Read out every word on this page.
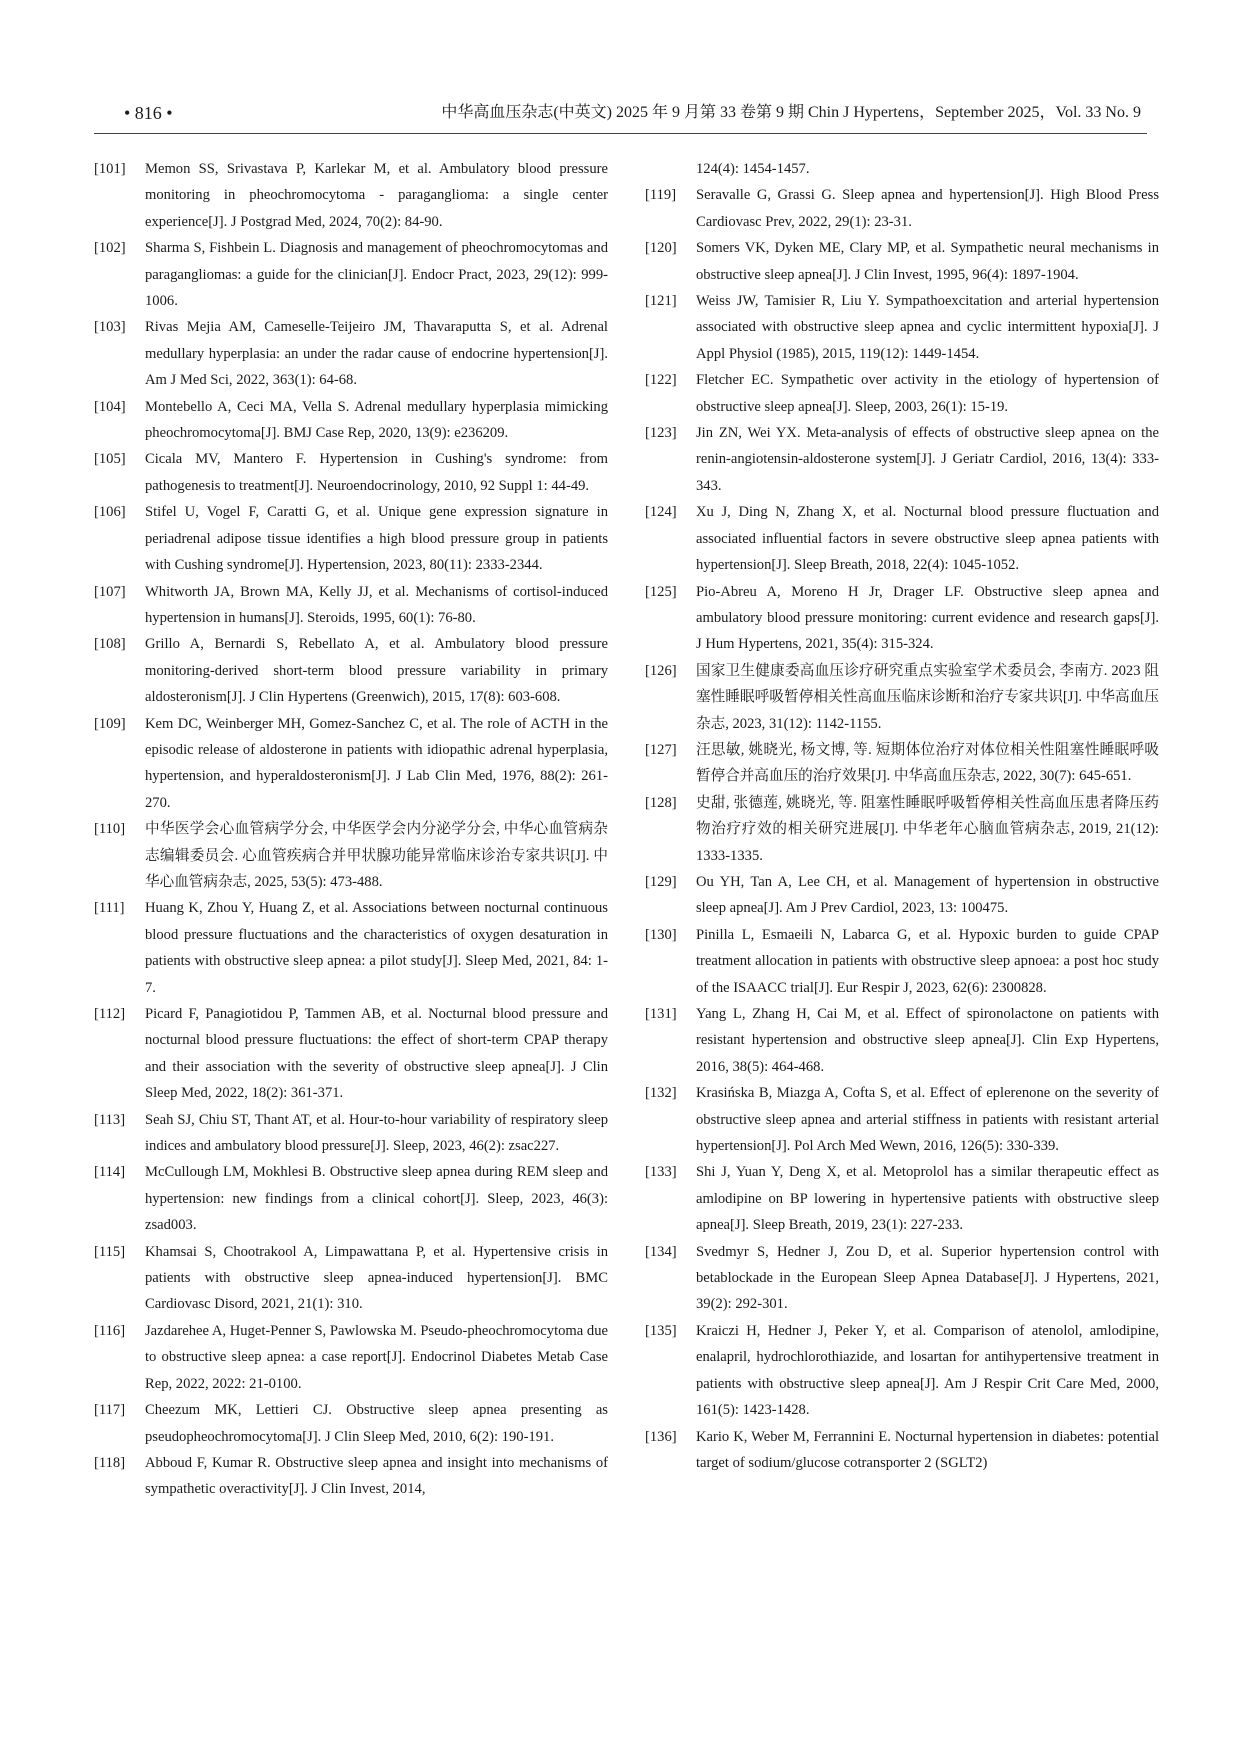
• 816 •	中华高血压杂志(中英文) 2025 年 9 月第 33 卷第 9 期 Chin J Hypertens，September 2025，Vol. 33 No. 9
[101] Memon SS, Srivastava P, Karlekar M, et al. Ambulatory blood pressure monitoring in pheochromocytoma - paraganglioma: a single center experience[J]. J Postgrad Med, 2024, 70(2): 84-90.
[102] Sharma S, Fishbein L. Diagnosis and management of pheochromocytomas and paragangliomas: a guide for the clinician[J]. Endocr Pract, 2023, 29(12): 999-1006.
[103] Rivas Mejia AM, Cameselle-Teijeiro JM, Thavaraputta S, et al. Adrenal medullary hyperplasia: an under the radar cause of endocrine hypertension[J]. Am J Med Sci, 2022, 363(1): 64-68.
[104] Montebello A, Ceci MA, Vella S. Adrenal medullary hyperplasia mimicking pheochromocytoma[J]. BMJ Case Rep, 2020, 13(9): e236209.
[105] Cicala MV, Mantero F. Hypertension in Cushing's syndrome: from pathogenesis to treatment[J]. Neuroendocrinology, 2010, 92 Suppl 1: 44-49.
[106] Stifel U, Vogel F, Caratti G, et al. Unique gene expression signature in periadrenal adipose tissue identifies a high blood pressure group in patients with Cushing syndrome[J]. Hypertension, 2023, 80(11): 2333-2344.
[107] Whitworth JA, Brown MA, Kelly JJ, et al. Mechanisms of cortisol-induced hypertension in humans[J]. Steroids, 1995, 60(1): 76-80.
[108] Grillo A, Bernardi S, Rebellato A, et al. Ambulatory blood pressure monitoring-derived short-term blood pressure variability in primary aldosteronism[J]. J Clin Hypertens (Greenwich), 2015, 17(8): 603-608.
[109] Kem DC, Weinberger MH, Gomez-Sanchez C, et al. The role of ACTH in the episodic release of aldosterone in patients with idiopathic adrenal hyperplasia, hypertension, and hyperaldosteronism[J]. J Lab Clin Med, 1976, 88(2): 261-270.
[110] 中华医学会心血管病学分会, 中华医学会内分泌学分会, 中华心血管病杂志编辑委员会. 心血管疾病合并甲状腺功能异常临床诊治专家共识[J]. 中华心血管病杂志, 2025, 53(5): 473-488.
[111] Huang K, Zhou Y, Huang Z, et al. Associations between nocturnal continuous blood pressure fluctuations and the characteristics of oxygen desaturation in patients with obstructive sleep apnea: a pilot study[J]. Sleep Med, 2021, 84: 1-7.
[112] Picard F, Panagiotidou P, Tammen AB, et al. Nocturnal blood pressure and nocturnal blood pressure fluctuations: the effect of short-term CPAP therapy and their association with the severity of obstructive sleep apnea[J]. J Clin Sleep Med, 2022, 18(2): 361-371.
[113] Seah SJ, Chiu ST, Thant AT, et al. Hour-to-hour variability of respiratory sleep indices and ambulatory blood pressure[J]. Sleep, 2023, 46(2): zsac227.
[114] McCullough LM, Mokhlesi B. Obstructive sleep apnea during REM sleep and hypertension: new findings from a clinical cohort[J]. Sleep, 2023, 46(3): zsad003.
[115] Khamsai S, Chootrakool A, Limpawattana P, et al. Hypertensive crisis in patients with obstructive sleep apnea-induced hypertension[J]. BMC Cardiovasc Disord, 2021, 21(1): 310.
[116] Jazdarehee A, Huget-Penner S, Pawlowska M. Pseudo-pheochromocytoma due to obstructive sleep apnea: a case report[J]. Endocrinol Diabetes Metab Case Rep, 2022, 2022: 21-0100.
[117] Cheezum MK, Lettieri CJ. Obstructive sleep apnea presenting as pseudopheochromocytoma[J]. J Clin Sleep Med, 2010, 6(2): 190-191.
[118] Abboud F, Kumar R. Obstructive sleep apnea and insight into mechanisms of sympathetic overactivity[J]. J Clin Invest, 2014,
124(4): 1454-1457.
[119] Seravalle G, Grassi G. Sleep apnea and hypertension[J]. High Blood Press Cardiovasc Prev, 2022, 29(1): 23-31.
[120] Somers VK, Dyken ME, Clary MP, et al. Sympathetic neural mechanisms in obstructive sleep apnea[J]. J Clin Invest, 1995, 96(4): 1897-1904.
[121] Weiss JW, Tamisier R, Liu Y. Sympathoexcitation and arterial hypertension associated with obstructive sleep apnea and cyclic intermittent hypoxia[J]. J Appl Physiol (1985), 2015, 119(12): 1449-1454.
[122] Fletcher EC. Sympathetic over activity in the etiology of hypertension of obstructive sleep apnea[J]. Sleep, 2003, 26(1): 15-19.
[123] Jin ZN, Wei YX. Meta-analysis of effects of obstructive sleep apnea on the renin-angiotensin-aldosterone system[J]. J Geriatr Cardiol, 2016, 13(4): 333-343.
[124] Xu J, Ding N, Zhang X, et al. Nocturnal blood pressure fluctuation and associated influential factors in severe obstructive sleep apnea patients with hypertension[J]. Sleep Breath, 2018, 22(4): 1045-1052.
[125] Pio-Abreu A, Moreno H Jr, Drager LF. Obstructive sleep apnea and ambulatory blood pressure monitoring: current evidence and research gaps[J]. J Hum Hypertens, 2021, 35(4): 315-324.
[126] 国家卫生健康委高血压诊疗研究重点实验室学术委员会, 李南方. 2023 阻塞性睡眠呼吸暂停相关性高血压临床诊断和治疗专家共识[J]. 中华高血压杂志, 2023, 31(12): 1142-1155.
[127] 汪思敏, 姚晓光, 杨文博, 等. 短期体位治疗对体位相关性阻塞性睡眠呼吸暂停合并高血压的治疗效果[J]. 中华高血压杂志, 2022, 30(7): 645-651.
[128] 史甜, 张德莲, 姚晓光, 等. 阻塞性睡眠呼吸暂停相关性高血压患者降压药物治疗疗效的相关研究进展[J]. 中华老年心脑血管病杂志, 2019, 21(12): 1333-1335.
[129] Ou YH, Tan A, Lee CH, et al. Management of hypertension in obstructive sleep apnea[J]. Am J Prev Cardiol, 2023, 13: 100475.
[130] Pinilla L, Esmaeili N, Labarca G, et al. Hypoxic burden to guide CPAP treatment allocation in patients with obstructive sleep apnoea: a post hoc study of the ISAACC trial[J]. Eur Respir J, 2023, 62(6): 2300828.
[131] Yang L, Zhang H, Cai M, et al. Effect of spironolactone on patients with resistant hypertension and obstructive sleep apnea[J]. Clin Exp Hypertens, 2016, 38(5): 464-468.
[132] Krasińska B, Miazga A, Cofta S, et al. Effect of eplerenone on the severity of obstructive sleep apnea and arterial stiffness in patients with resistant arterial hypertension[J]. Pol Arch Med Wewn, 2016, 126(5): 330-339.
[133] Shi J, Yuan Y, Deng X, et al. Metoprolol has a similar therapeutic effect as amlodipine on BP lowering in hypertensive patients with obstructive sleep apnea[J]. Sleep Breath, 2019, 23(1): 227-233.
[134] Svedmyr S, Hedner J, Zou D, et al. Superior hypertension control with betablockade in the European Sleep Apnea Database[J]. J Hypertens, 2021, 39(2): 292-301.
[135] Kraiczi H, Hedner J, Peker Y, et al. Comparison of atenolol, amlodipine, enalapril, hydrochlorothiazide, and losartan for antihypertensive treatment in patients with obstructive sleep apnea[J]. Am J Respir Crit Care Med, 2000, 161(5): 1423-1428.
[136] Kario K, Weber M, Ferrannini E. Nocturnal hypertension in diabetes: potential target of sodium/glucose cotransporter 2 (SGLT2)
